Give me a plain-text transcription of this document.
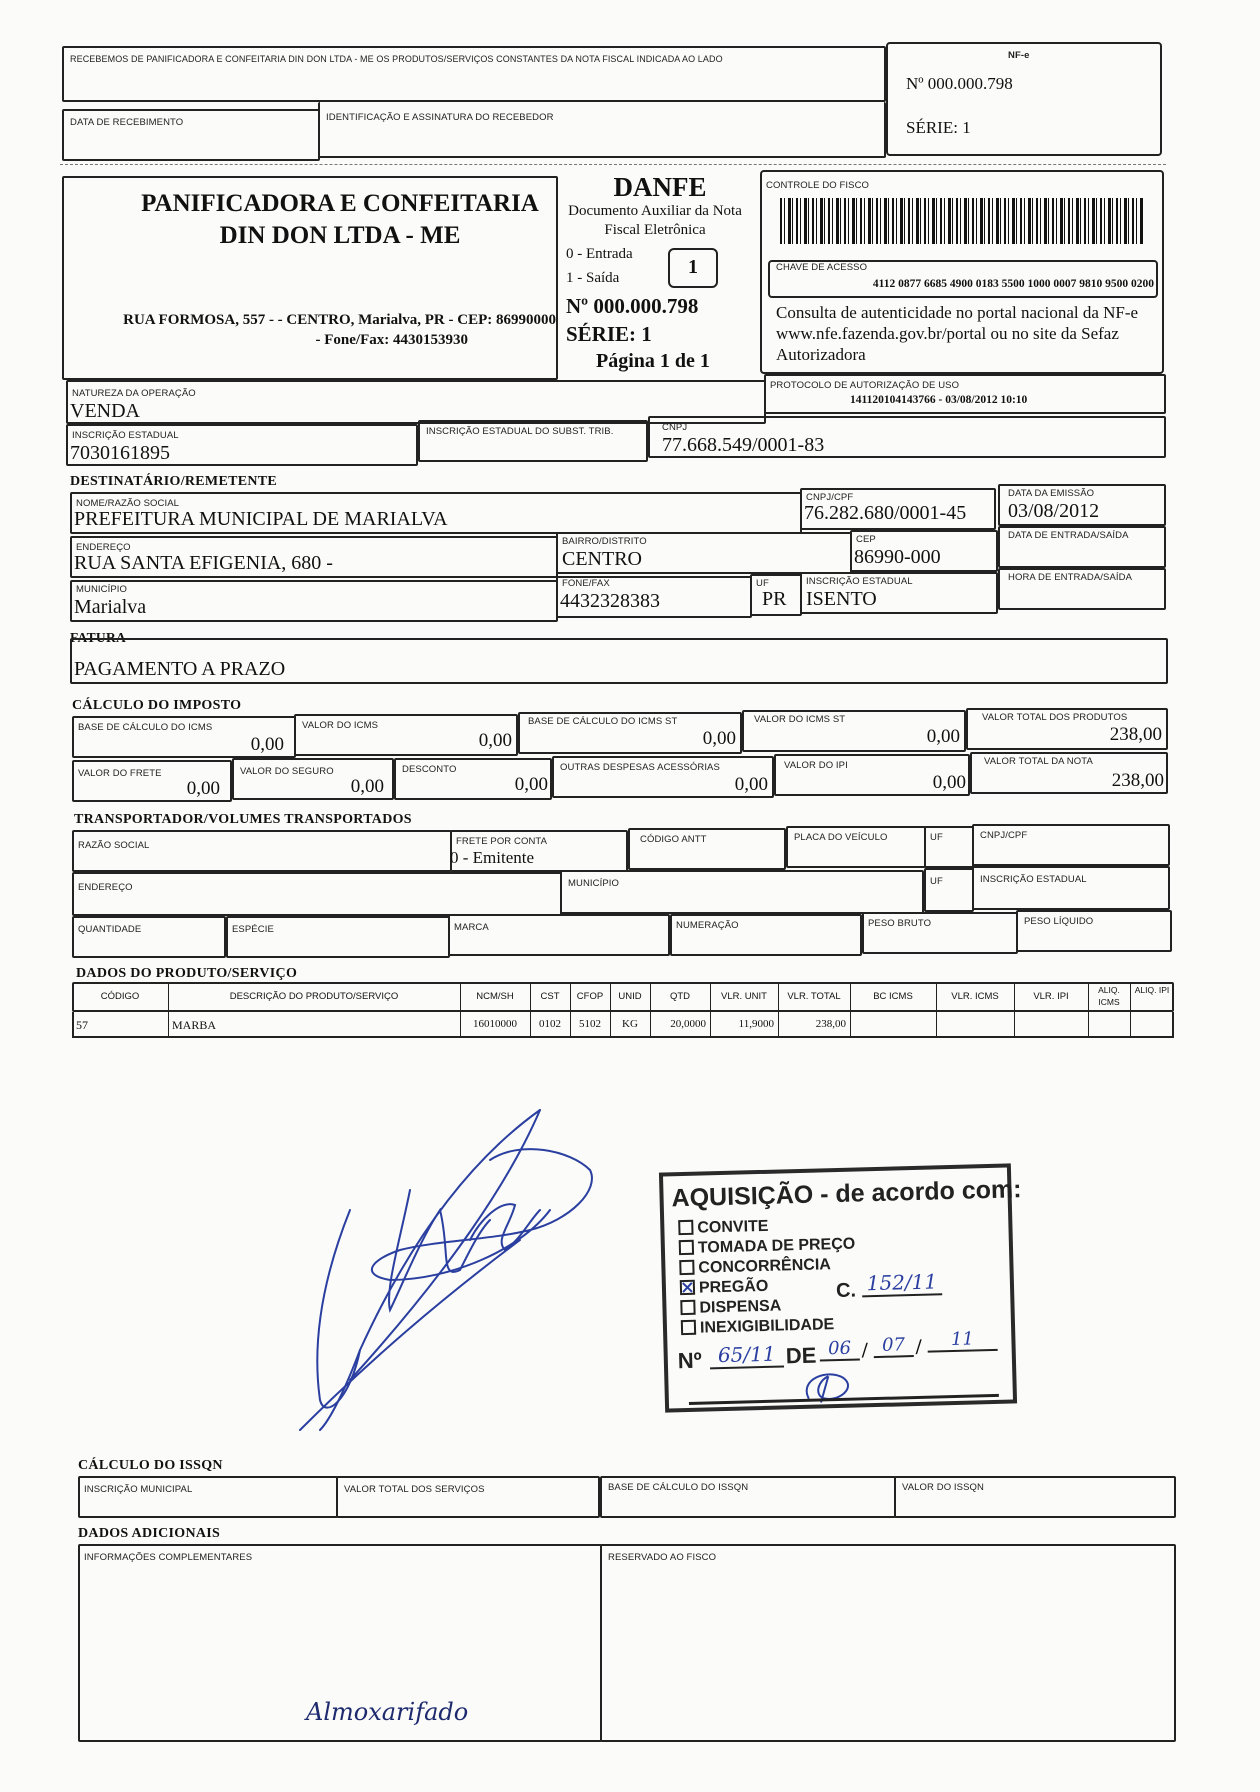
RECEBEMOS DE PANIFICADORA E CONFEITARIA DIN DON LTDA - ME OS PRODUTOS/SERVIÇOS CONSTANTES DA NOTA FISCAL INDICADA AO LADO
DATA DE RECEBIMENTO	IDENTIFICAÇÃO E ASSINATURA DO RECEBEDOR
NF-e
Nº 000.000.798
SÉRIE: 1
PANIFICADORA E CONFEITARIA DIN DON LTDA - ME
RUA FORMOSA, 557 - - CENTRO, Marialva, PR - CEP: 86990000
- Fone/Fax: 4430153930
DANFE
Documento Auxiliar da Nota Fiscal Eletrônica
0 - Entrada
1 - Saída	1
Nº 000.000.798
SÉRIE: 1
Página 1 de 1
CONTROLE DO FISCO
CHAVE DE ACESSO
4112 0877 6685 4900 0183 5500 1000 0007 9810 9500 0200
Consulta de autenticidade no portal nacional da NF-e www.nfe.fazenda.gov.br/portal ou no site da Sefaz Autorizadora
NATUREZA DA OPERAÇÃO
VENDA
PROTOCOLO DE AUTORIZAÇÃO DE USO
141120104143766 - 03/08/2012 10:10
INSCRIÇÃO ESTADUAL
7030161895
INSCRIÇÃO ESTADUAL DO SUBST. TRIB.	CNPJ
77.668.549/0001-83
DESTINATÁRIO/REMETENTE
NOME/RAZÃO SOCIAL
PREFEITURA MUNICIPAL DE MARIALVA
CNPJ/CPF
76.282.680/0001-45
DATA DA EMISSÃO
03/08/2012
ENDEREÇO
RUA SANTA EFIGENIA, 680 -
BAIRRO/DISTRITO
CENTRO
CEP
86990-000
DATA DE ENTRADA/SAÍDA
MUNICÍPIO
Marialva
FONE/FAX
4432328383
UF
PR
INSCRIÇÃO ESTADUAL
ISENTO
HORA DE ENTRADA/SAÍDA
FATURA
PAGAMENTO A PRAZO
CÁLCULO DO IMPOSTO
BASE DE CÁLCULO DO ICMS
0,00
VALOR DO ICMS
0,00
BASE DE CÁLCULO DO ICMS ST
0,00
VALOR DO ICMS ST
0,00
VALOR TOTAL DOS PRODUTOS
238,00
VALOR DO FRETE
0,00
VALOR DO SEGURO
0,00
DESCONTO
0,00
OUTRAS DESPESAS ACESSÓRIAS
0,00
VALOR DO IPI
0,00
VALOR TOTAL DA NOTA
238,00
TRANSPORTADOR/VOLUMES TRANSPORTADOS
RAZÃO SOCIAL	FRETE POR CONTA
0 - Emitente
CÓDIGO ANTT	PLACA DO VEÍCULO	UF	CNPJ/CPF
ENDEREÇO	MUNICÍPIO	UF	INSCRIÇÃO ESTADUAL
QUANTIDADE	ESPÉCIE	MARCA	NUMERAÇÃO	PESO BRUTO	PESO LÍQUIDO
DADOS DO PRODUTO/SERVIÇO
CÓDIGO	DESCRIÇÃO DO PRODUTO/SERVIÇO	NCM/SH	CST	CFOP	UNID	QTD	VLR. UNIT	VLR. TOTAL	BC ICMS	VLR. ICMS	VLR. IPI
ALIQ. ICMS
ALIQ. IPI
57	MARBA	16010000	0102	5102	KG	20,0000	11,9000	238,00
AQUISIÇÃO - de acordo com:
CONVITE
TOMADA DE PREÇO
CONCORRÊNCIA
PREGÃO
DISPENSA
INEXIGIBILIDADE
C. 152/11
Nº 65/11 DE 06 / 07 /	11
CÁLCULO DO ISSQN
INSCRIÇÃO MUNICIPAL	VALOR TOTAL DOS SERVIÇOS	BASE DE CÁLCULO DO ISSQN	VALOR DO ISSQN
DADOS ADICIONAIS
INFORMAÇÕES COMPLEMENTARES
Almoxarifado
RESERVADO AO FISCO
